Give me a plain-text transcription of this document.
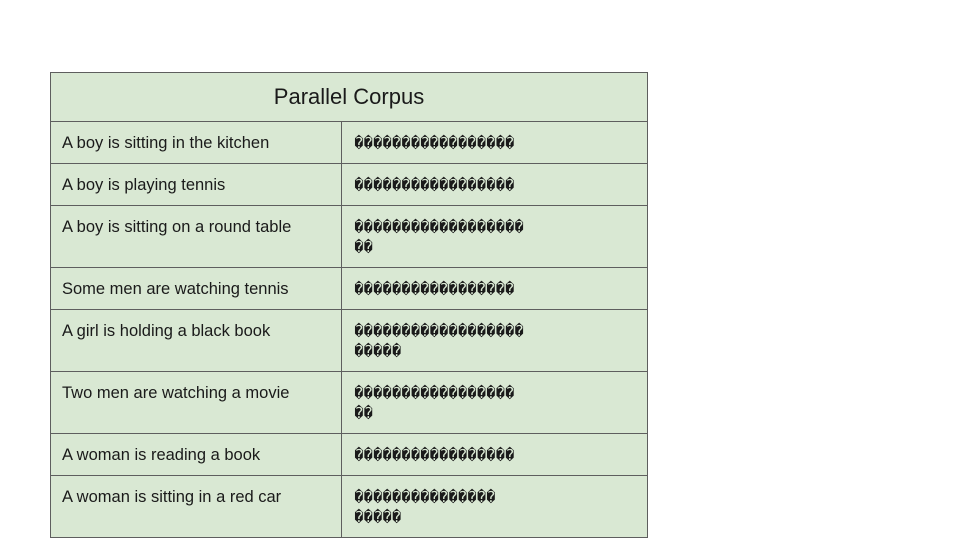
Parallel Corpus	
A boy is sitting in the kitchen	�����������������
A boy is playing tennis	�����������������
A boy is sitting on a round table	������������������
��
Some men are watching tennis	�����������������
A girl is holding a black book	������������������
�����
Two men are watching a movie	�����������������
��
A woman is reading a book	�����������������
A woman is sitting in a red car	���������������
�����
